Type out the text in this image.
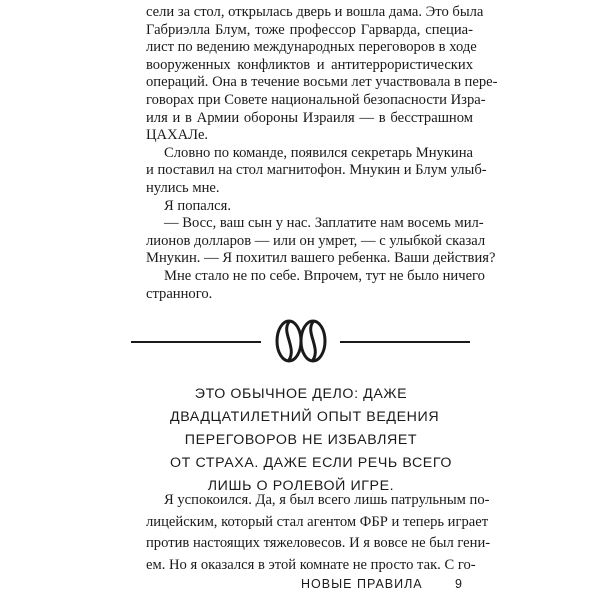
сели за стол, открылась дверь и вошла дама. Это была
Габриэлла Блум, тоже профессор Гарварда, специа-
лист по ведению международных переговоров в ходе
вооруженных конфликтов и антитеррористических
операций. Она в течение восьми лет участвовала в пере-
говорах при Совете национальной безопасности Изра-
иля и в Армии обороны Израиля — в бесстрашном
ЦАХАЛе.
Словно по команде, появился секретарь Мнукина
и поставил на стол магнитофон. Мнукин и Блум улыб-
нулись мне.
Я попался.
— Восс, ваш сын у нас. Заплатите нам восемь мил-
лионов долларов — или он умрет, — с улыбкой сказал
Мнукин. — Я похитил вашего ребенка. Ваши действия?
Мне стало не по себе. Впрочем, тут не было ничего
странного.
ЭТО ОБЫЧНОЕ ДЕЛО: ДАЖЕ
ДВАДЦАТИЛЕТНИЙ ОПЫТ ВЕДЕНИЯ
ПЕРЕГОВОРОВ НЕ ИЗБАВЛЯЕТ
ОТ СТРАХА. ДАЖЕ ЕСЛИ РЕЧЬ ВСЕГО
ЛИШЬ О РОЛЕВОЙ ИГРЕ.
Я успокоился. Да, я был всего лишь патрульным по-
лицейским, который стал агентом ФБР и теперь играет
против настоящих тяжеловесов. И я вовсе не был гени-
ем. Но я оказался в этой комнате не просто так. С го-
НОВЫЕ ПРАВИЛА	9
